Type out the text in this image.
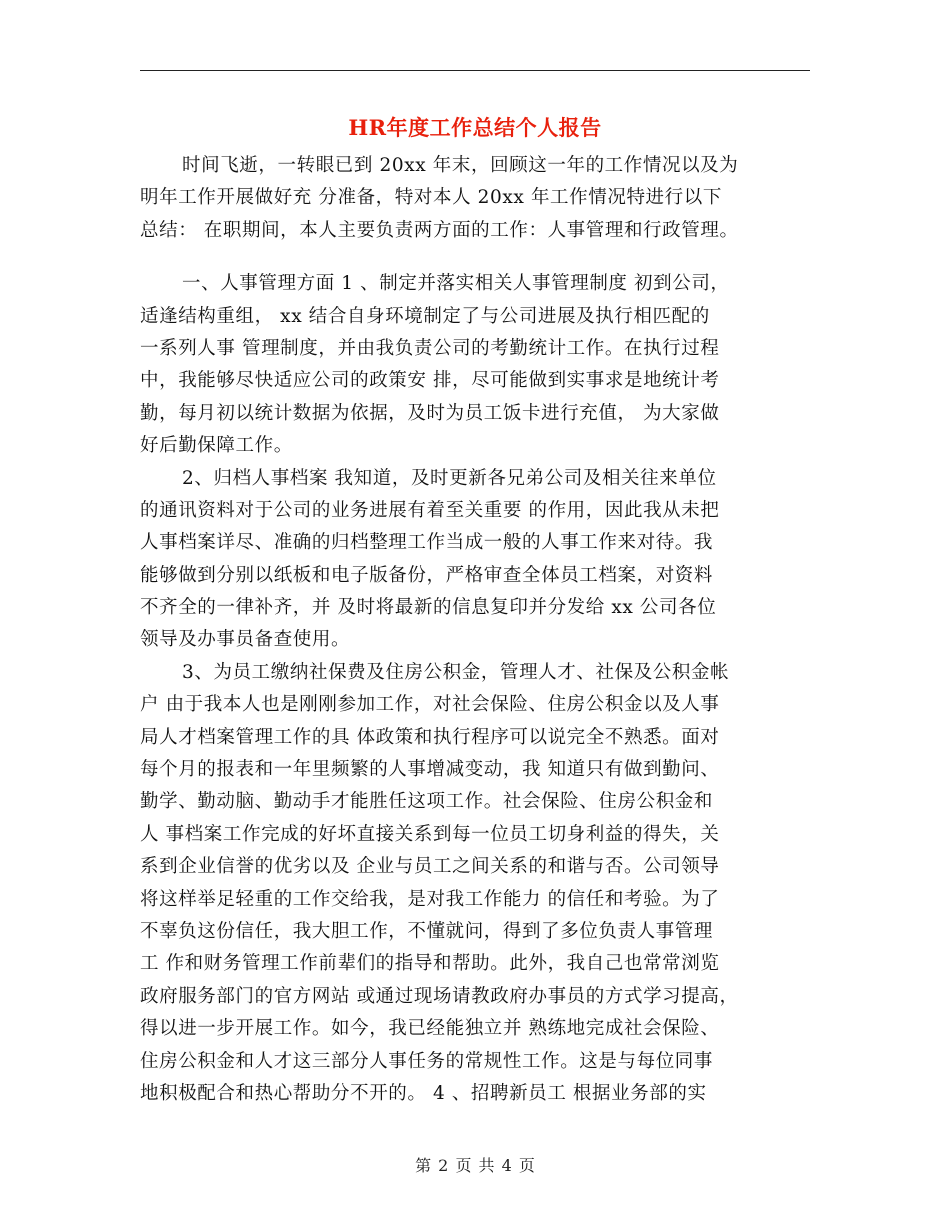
HR年度工作总结个人报告
时间飞逝，一转眼已到 20xx 年末，回顾这一年的工作情况以及为
明年工作开展做好充 分准备，特对本人 20xx 年工作情况特进行以下
总结： 在职期间，本人主要负责两方面的工作：人事管理和行政管理。
一、人事管理方面 1 、制定并落实相关人事管理制度 初到公司，
适逢结构重组， xx 结合自身环境制定了与公司进展及执行相匹配的
一系列人事 管理制度，并由我负责公司的考勤统计工作。在执行过程
中，我能够尽快适应公司的政策安 排，尽可能做到实事求是地统计考
勤，每月初以统计数据为依据，及时为员工饭卡进行充值， 为大家做
好后勤保障工作。
2、归档人事档案 我知道，及时更新各兄弟公司及相关往来单位
的通讯资料对于公司的业务进展有着至关重要 的作用，因此我从未把
人事档案详尽、准确的归档整理工作当成一般的人事工作来对待。我
能够做到分别以纸板和电子版备份，严格审查全体员工档案，对资料
不齐全的一律补齐，并 及时将最新的信息复印并分发给 xx 公司各位
领导及办事员备查使用。
3、为员工缴纳社保费及住房公积金，管理人才、社保及公积金帐
户 由于我本人也是刚刚参加工作，对社会保险、住房公积金以及人事
局人才档案管理工作的具 体政策和执行程序可以说完全不熟悉。面对
每个月的报表和一年里频繁的人事增减变动，我 知道只有做到勤问、
勤学、勤动脑、勤动手才能胜任这项工作。社会保险、住房公积金和
人 事档案工作完成的好坏直接关系到每一位员工切身利益的得失，关
系到企业信誉的优劣以及 企业与员工之间关系的和谐与否。公司领导
将这样举足轻重的工作交给我，是对我工作能力 的信任和考验。为了
不辜负这份信任，我大胆工作，不懂就问，得到了多位负责人事管理
工 作和财务管理工作前辈们的指导和帮助。此外，我自己也常常浏览
政府服务部门的官方网站 或通过现场请教政府办事员的方式学习提高，
得以进一步开展工作。如今，我已经能独立并 熟练地完成社会保险、
住房公积金和人才这三部分人事任务的常规性工作。这是与每位同事
地积极配合和热心帮助分不开的。 4 、招聘新员工 根据业务部的实
第 2 页 共 4 页
